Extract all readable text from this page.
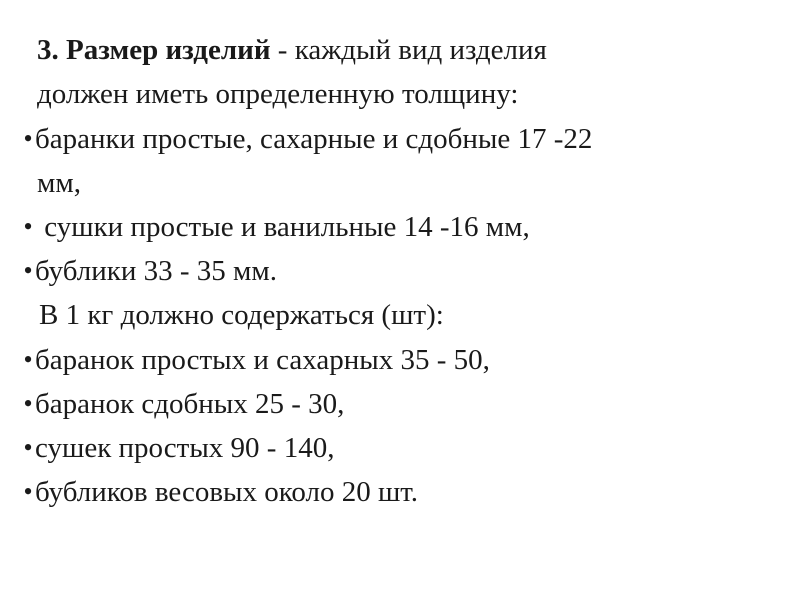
3. Размер изделий - каждый вид изделия
должен иметь определенную толщину:
• баранки простые, сахарные и сдобные 17 -22
мм,
• сушки простые и ванильные 14 -16 мм,
• бублики 33 - 35 мм.
В 1 кг должно содержаться (шт):
• баранок простых и сахарных 35 - 50,
• баранок сдобных 25 - 30,
• сушек простых 90 - 140,
• бубликов весовых около 20 шт.
